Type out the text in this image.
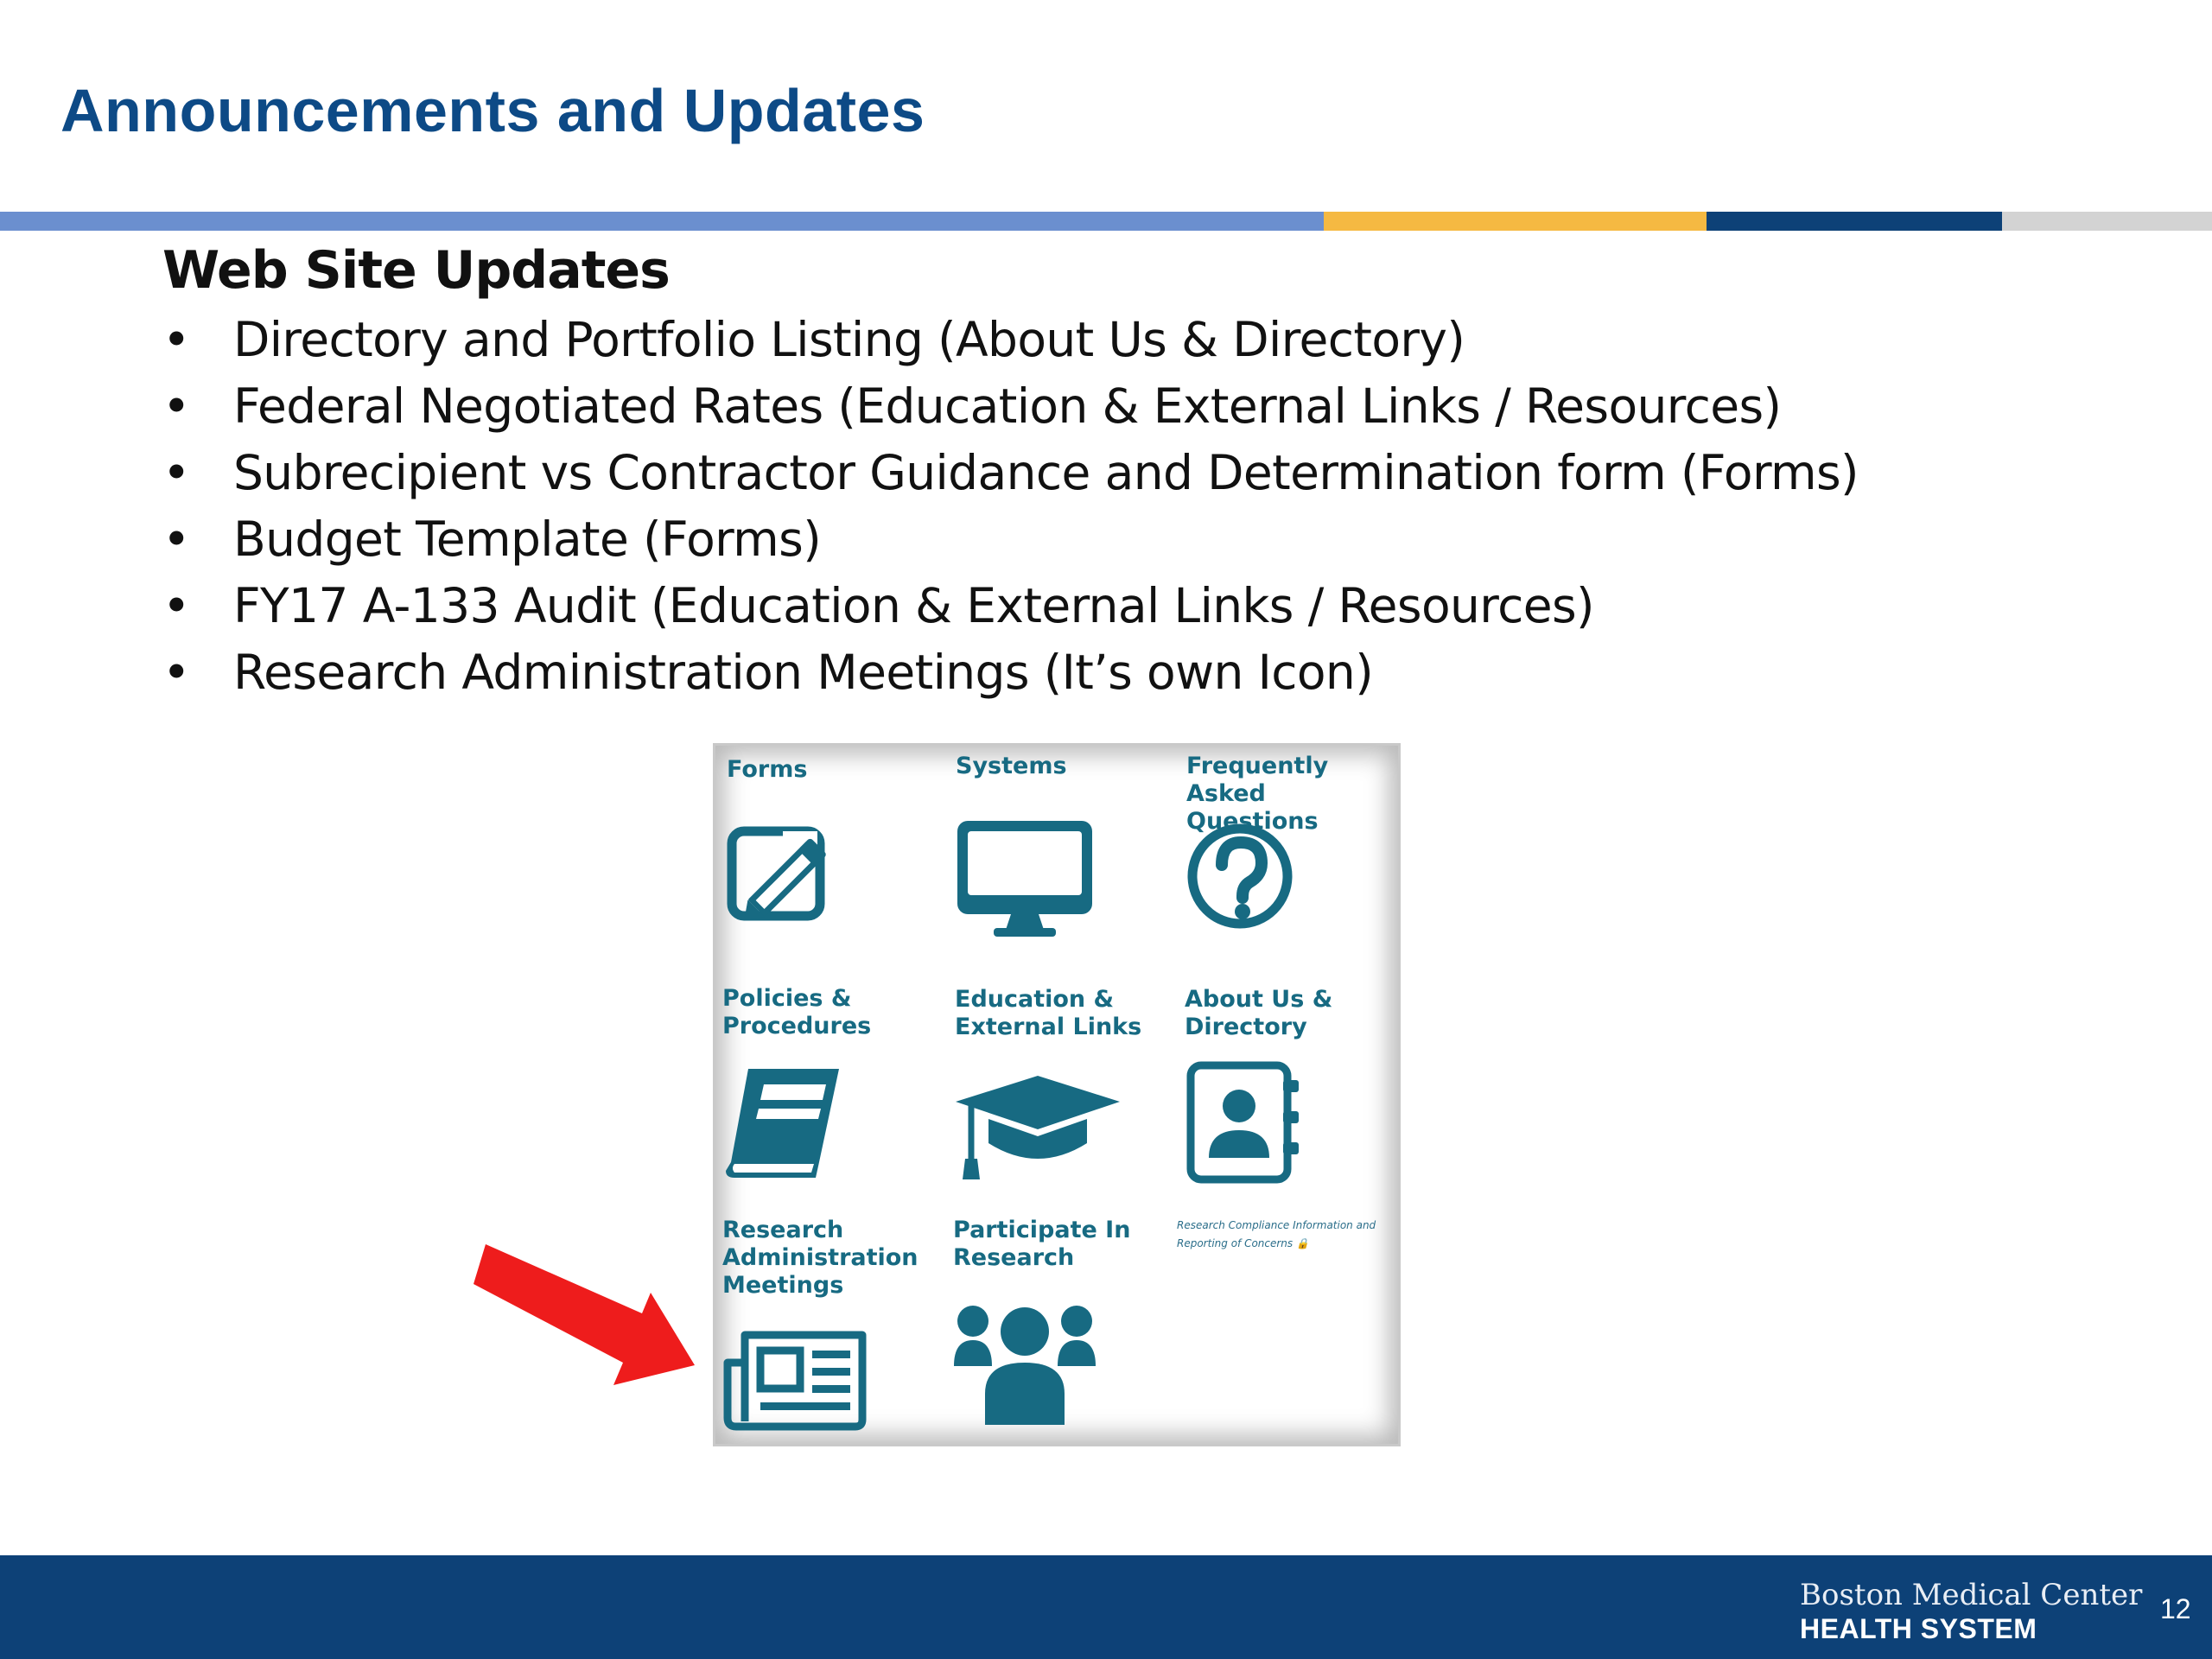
Announcements and Updates
Web Site Updates
• Directory and Portfolio Listing (About Us & Directory)
• Federal Negotiated Rates (Education & External Links / Resources)
• Subrecipient vs Contractor Guidance and Determination form (Forms)
• Budget Template (Forms)
• FY17 A-133 Audit (Education & External Links / Resources)
• Research Administration Meetings (It’s own Icon)
Forms	Systems	Frequently
Asked Questions
Policies &
Procedures
Education &
External Links
About Us &
Directory
Research
Administration
Meetings
Participate In
Research
Research Compliance Information and
Reporting of Concerns 🔒
Boston Medical Center
HEALTH SYSTEM
12
